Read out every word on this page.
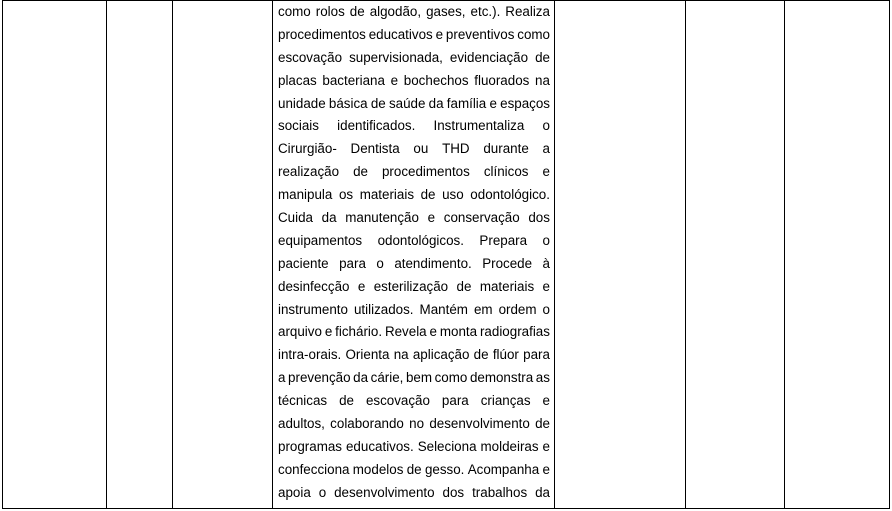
como rolos de algodão, gases, etc.). Realiza
procedimentos educativos e preventivos como
escovação supervisionada, evidenciação de
placas bacteriana e bochechos fluorados na
unidade básica de saúde da família e espaços
sociais identificados. Instrumentaliza o
Cirurgião- Dentista ou THD durante a
realização de procedimentos clínicos e
manipula os materiais de uso odontológico.
Cuida da manutenção e conservação dos
equipamentos odontológicos. Prepara o
paciente para o atendimento. Procede à
desinfecção e esterilização de materiais e
instrumento utilizados. Mantém em ordem o
arquivo e fichário. Revela e monta radiografias
intra-orais. Orienta na aplicação de flúor para
a prevenção da cárie, bem como demonstra as
técnicas de escovação para crianças e
adultos, colaborando no desenvolvimento de
programas educativos. Seleciona moldeiras e
confecciona modelos de gesso. Acompanha e
apoia o desenvolvimento dos trabalhos da
